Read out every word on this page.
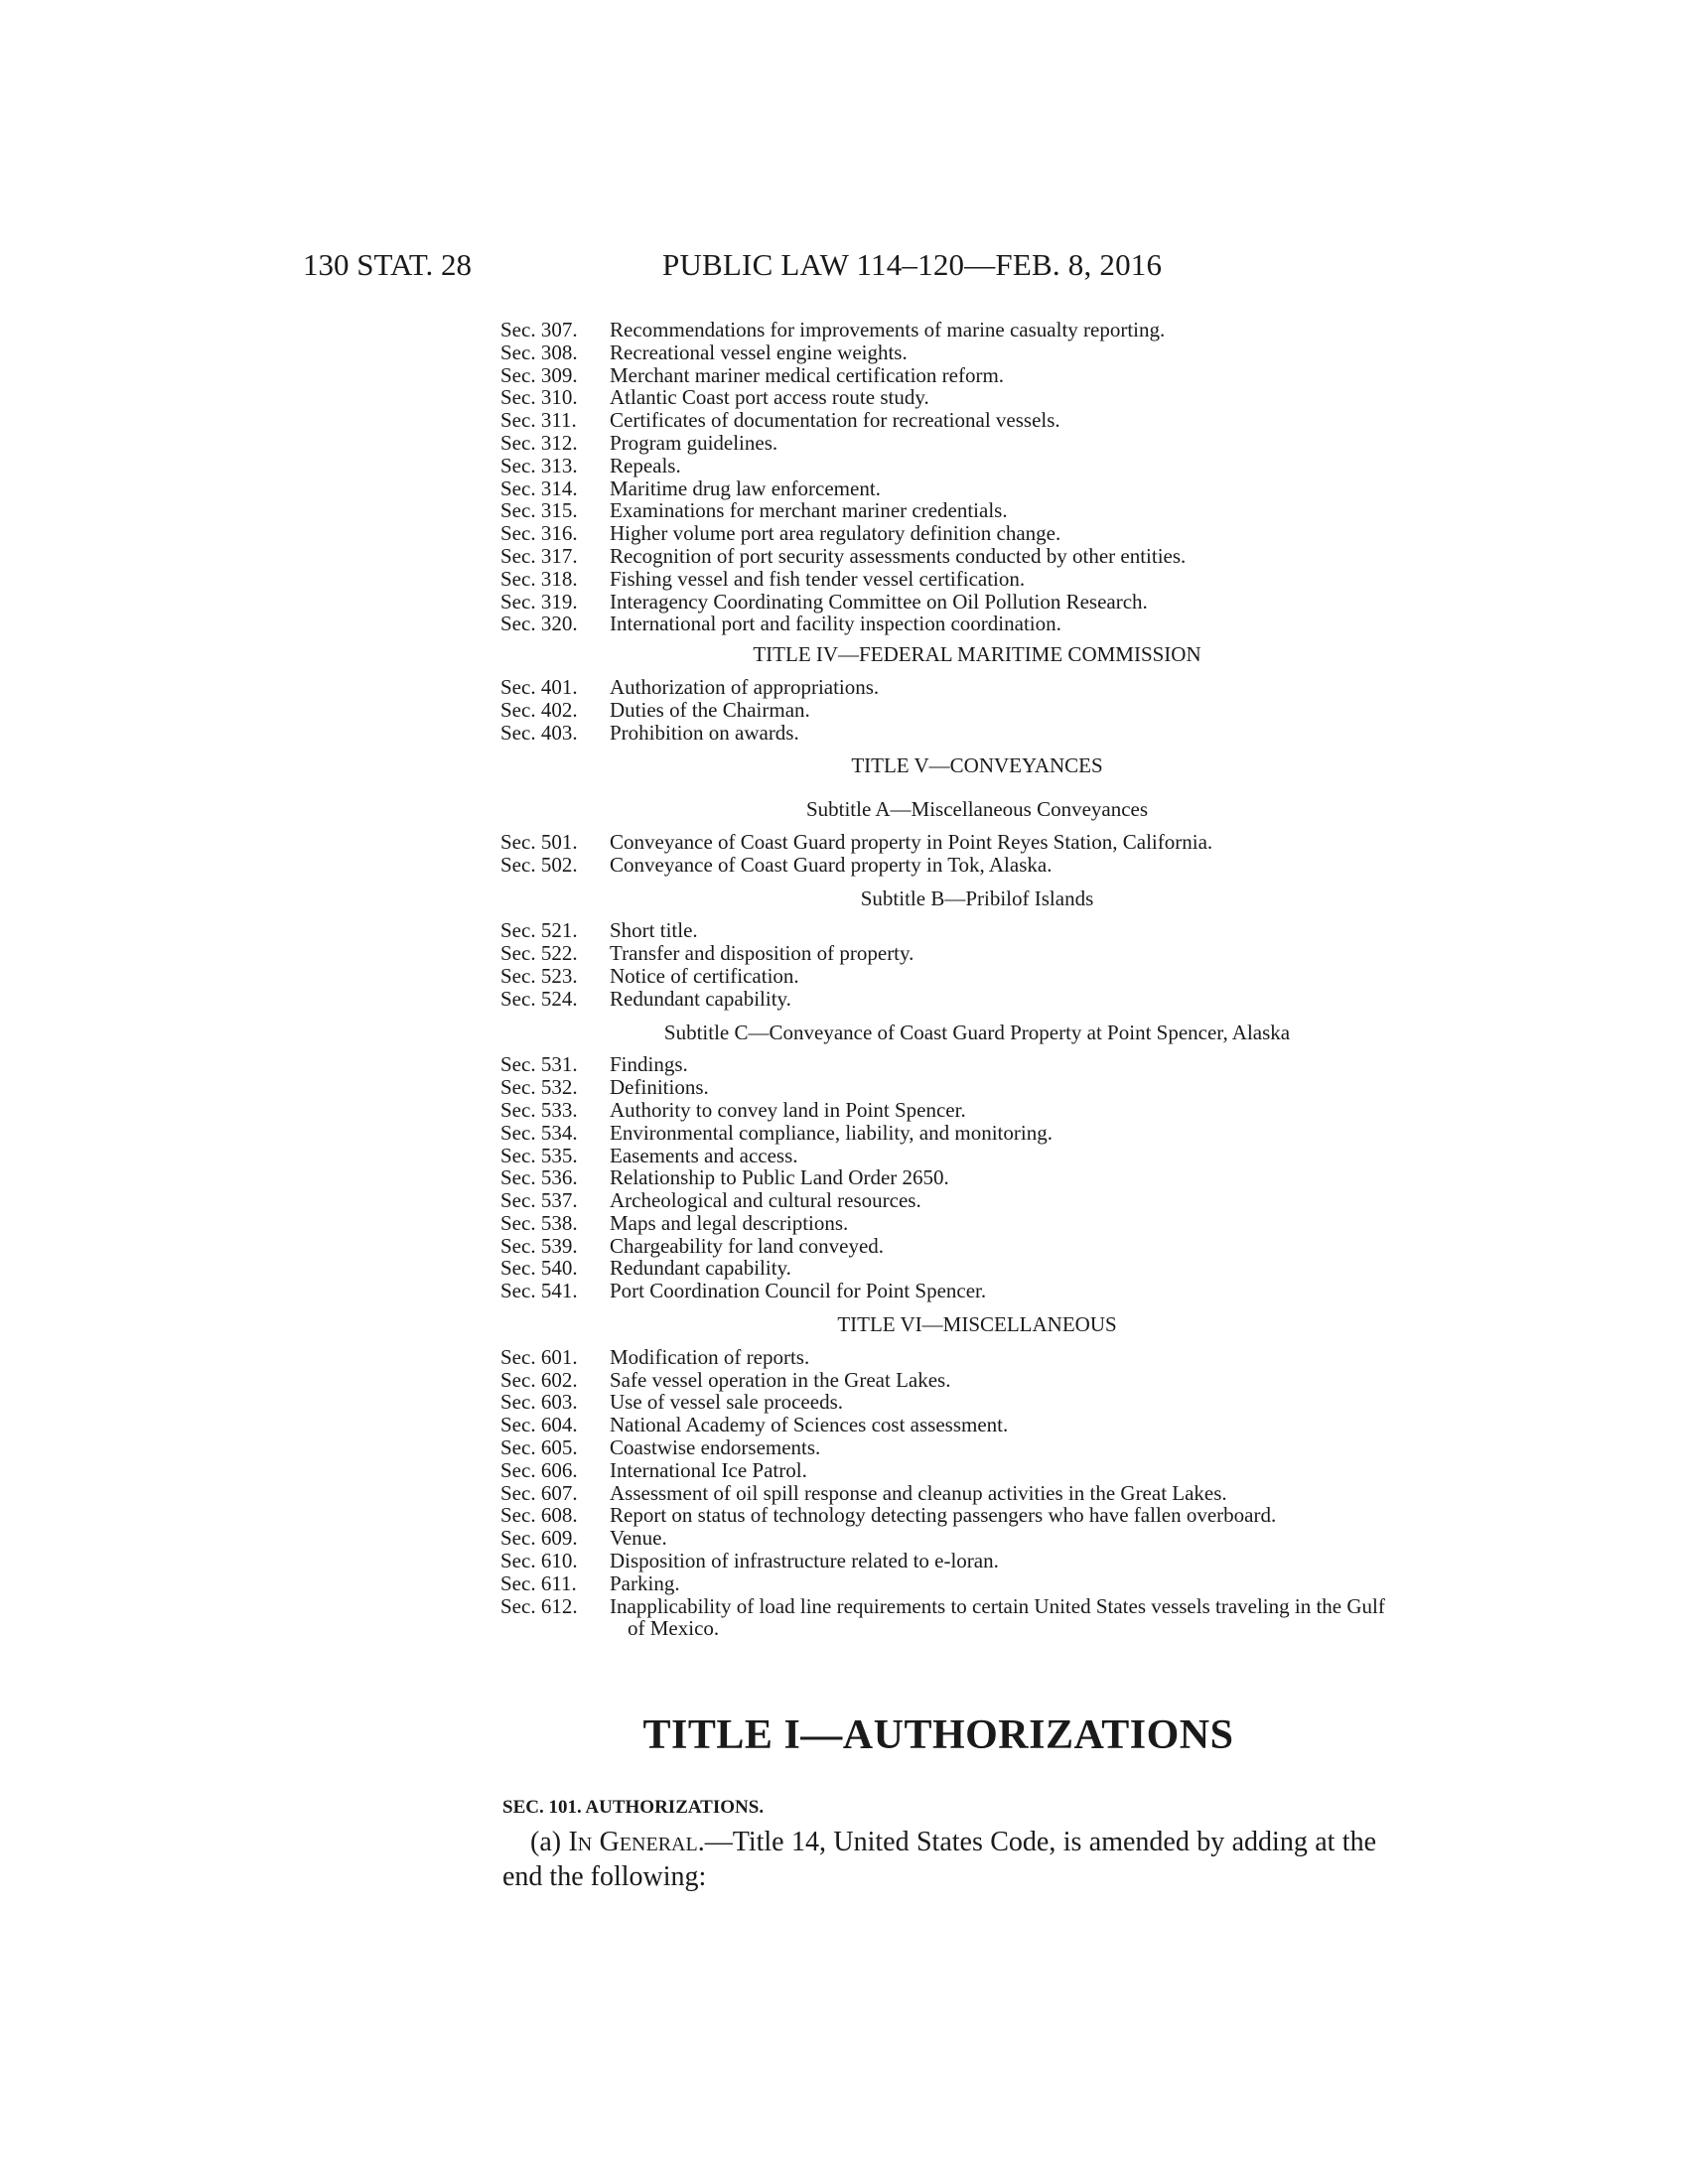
130 STAT. 28	PUBLIC LAW 114–120—FEB. 8, 2016
Sec. 307. Recommendations for improvements of marine casualty reporting.
Sec. 308. Recreational vessel engine weights.
Sec. 309. Merchant mariner medical certification reform.
Sec. 310. Atlantic Coast port access route study.
Sec. 311. Certificates of documentation for recreational vessels.
Sec. 312. Program guidelines.
Sec. 313. Repeals.
Sec. 314. Maritime drug law enforcement.
Sec. 315. Examinations for merchant mariner credentials.
Sec. 316. Higher volume port area regulatory definition change.
Sec. 317. Recognition of port security assessments conducted by other entities.
Sec. 318. Fishing vessel and fish tender vessel certification.
Sec. 319. Interagency Coordinating Committee on Oil Pollution Research.
Sec. 320. International port and facility inspection coordination.
TITLE IV—FEDERAL MARITIME COMMISSION
Sec. 401. Authorization of appropriations.
Sec. 402. Duties of the Chairman.
Sec. 403. Prohibition on awards.
TITLE V—CONVEYANCES
Subtitle A—Miscellaneous Conveyances
Sec. 501. Conveyance of Coast Guard property in Point Reyes Station, California.
Sec. 502. Conveyance of Coast Guard property in Tok, Alaska.
Subtitle B—Pribilof Islands
Sec. 521. Short title.
Sec. 522. Transfer and disposition of property.
Sec. 523. Notice of certification.
Sec. 524. Redundant capability.
Subtitle C—Conveyance of Coast Guard Property at Point Spencer, Alaska
Sec. 531. Findings.
Sec. 532. Definitions.
Sec. 533. Authority to convey land in Point Spencer.
Sec. 534. Environmental compliance, liability, and monitoring.
Sec. 535. Easements and access.
Sec. 536. Relationship to Public Land Order 2650.
Sec. 537. Archeological and cultural resources.
Sec. 538. Maps and legal descriptions.
Sec. 539. Chargeability for land conveyed.
Sec. 540. Redundant capability.
Sec. 541. Port Coordination Council for Point Spencer.
TITLE VI—MISCELLANEOUS
Sec. 601. Modification of reports.
Sec. 602. Safe vessel operation in the Great Lakes.
Sec. 603. Use of vessel sale proceeds.
Sec. 604. National Academy of Sciences cost assessment.
Sec. 605. Coastwise endorsements.
Sec. 606. International Ice Patrol.
Sec. 607. Assessment of oil spill response and cleanup activities in the Great Lakes.
Sec. 608. Report on status of technology detecting passengers who have fallen overboard.
Sec. 609. Venue.
Sec. 610. Disposition of infrastructure related to e-loran.
Sec. 611. Parking.
Sec. 612. Inapplicability of load line requirements to certain United States vessels traveling in the Gulf of Mexico.
TITLE I—AUTHORIZATIONS
SEC. 101. AUTHORIZATIONS.
 (a) In General.—Title 14, United States Code, is amended by adding at the end the following:
